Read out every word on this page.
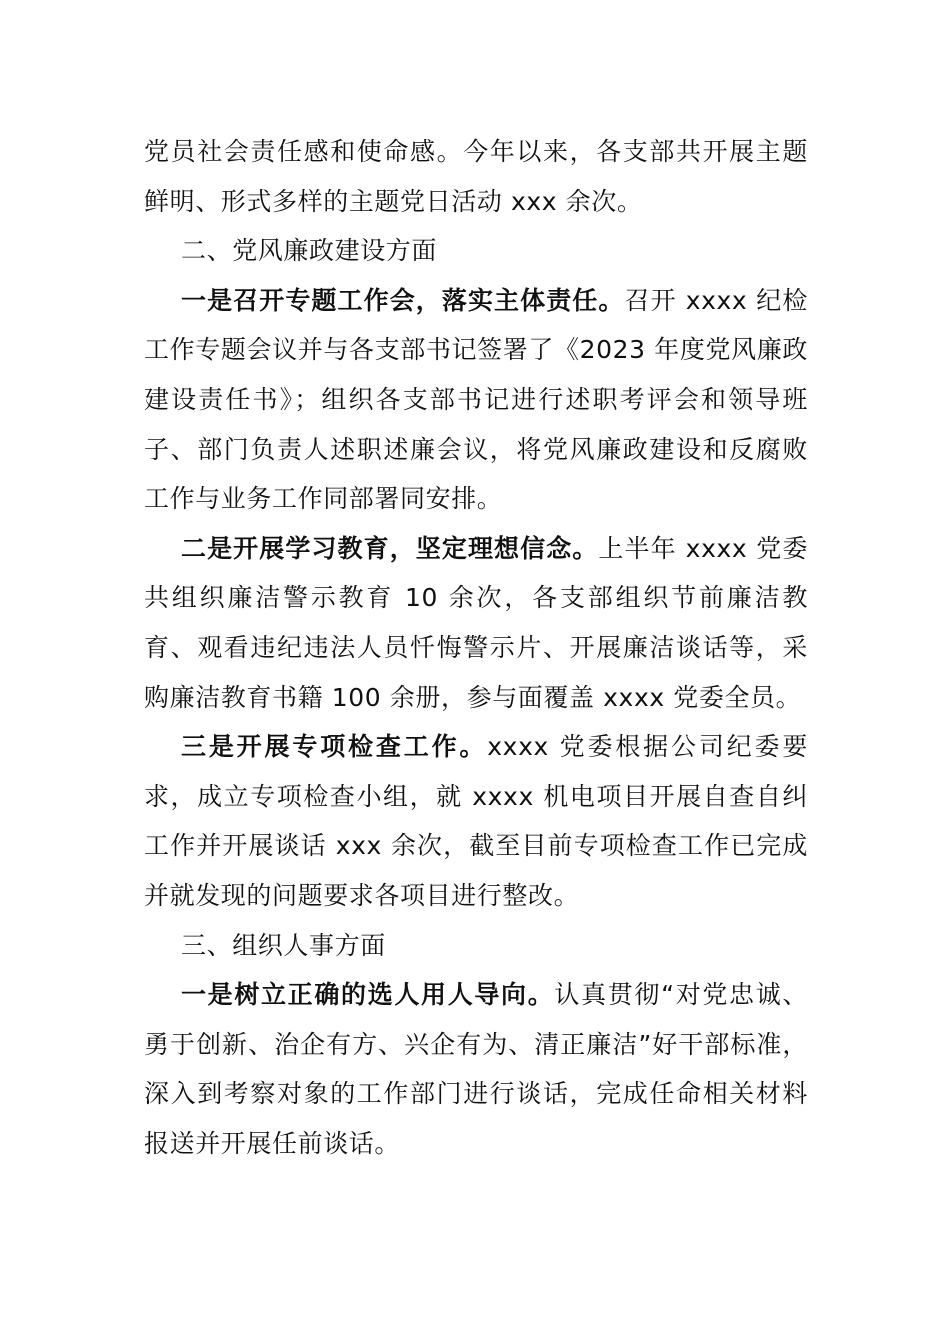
党员社会责任感和使命感。今年以来，各支部共开展主题鲜明、形式多样的主题党日活动 xxx 余次。

二、党风廉政建设方面

一是召开专题工作会，落实主体责任。召开 xxxx 纪检工作专题会议并与各支部书记签署了《2023 年度党风廉政建设责任书》；组织各支部书记进行述职考评会和领导班子、部门负责人述职述廉会议，将党风廉政建设和反腐败工作与业务工作同部署同安排。

二是开展学习教育，坚定理想信念。上半年 xxxx 党委共组织廉洁警示教育 10 余次，各支部组织节前廉洁教育、观看违纪违法人员忏悔警示片、开展廉洁谈话等，采购廉洁教育书籍 100 余册，参与面覆盖 xxxx 党委全员。

三是开展专项检查工作。xxxx 党委根据公司纪委要求，成立专项检查小组，就 xxxx 机电项目开展自查自纠工作并开展谈话 xxx 余次，截至目前专项检查工作已完成并就发现的问题要求各项目进行整改。

三、组织人事方面

一是树立正确的选人用人导向。认真贯彻“对党忠诚、勇于创新、治企有方、兴企有为、清正廉洁”好干部标准，深入到考察对象的工作部门进行谈话，完成任命相关材料报送并开展任前谈话。
